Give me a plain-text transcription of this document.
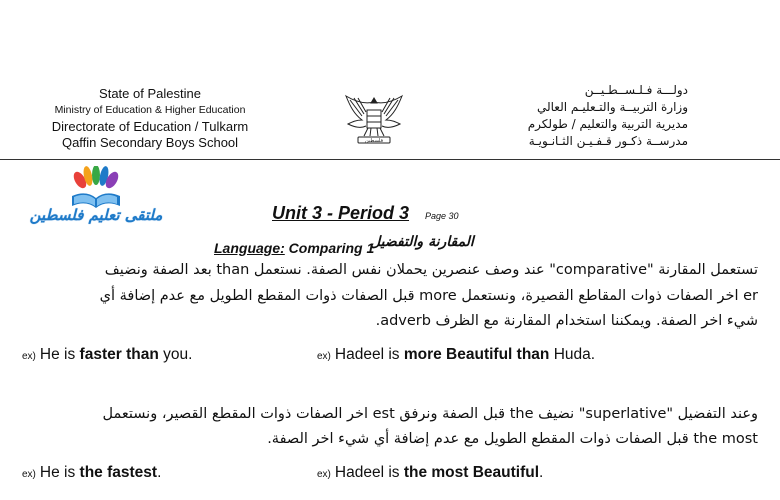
State of Palestine
Ministry of Education & Higher Education
Directorate of Education / Tulkarm
Qaffin Secondary Boys School	فلسطين
دولـــة فـلـســطـيــن
وزارة التربيــة والتـعليـم العالي
مديرية التربية والتعليم / طولكرم
مدرســة ذكـور قـفـيـن الثـانـويـة
ملتقى تعليم فلسطين	Unit 3 - Period 3 Page 30
المقارنة والتفضيل
Language: Comparing 1
تستعمل المقارنة "comparative" عند وصف عنصرين يحملان نفس الصفة. نستعمل than بعد الصفة ونضيف
er اخر الصفات ذوات المقاطع القصيرة، ونستعمل more قبل الصفات ذوات المقطع الطويل مع عدم إضافة أي
شيء اخر الصفة. ويمكننا استخدام المقارنة مع الظرف adverb.
ex) He is faster than you.	ex) Hadeel is more Beautiful than Huda.
وعند التفضيل "superlative" نضيف the قبل الصفة ونرفق est اخر الصفات ذوات المقطع القصير، ونستعمل
the most قبل الصفات ذوات المقطع الطويل مع عدم إضافة أي شيء اخر الصفة.
ex) He is the fastest.	ex) Hadeel is the most Beautiful.
